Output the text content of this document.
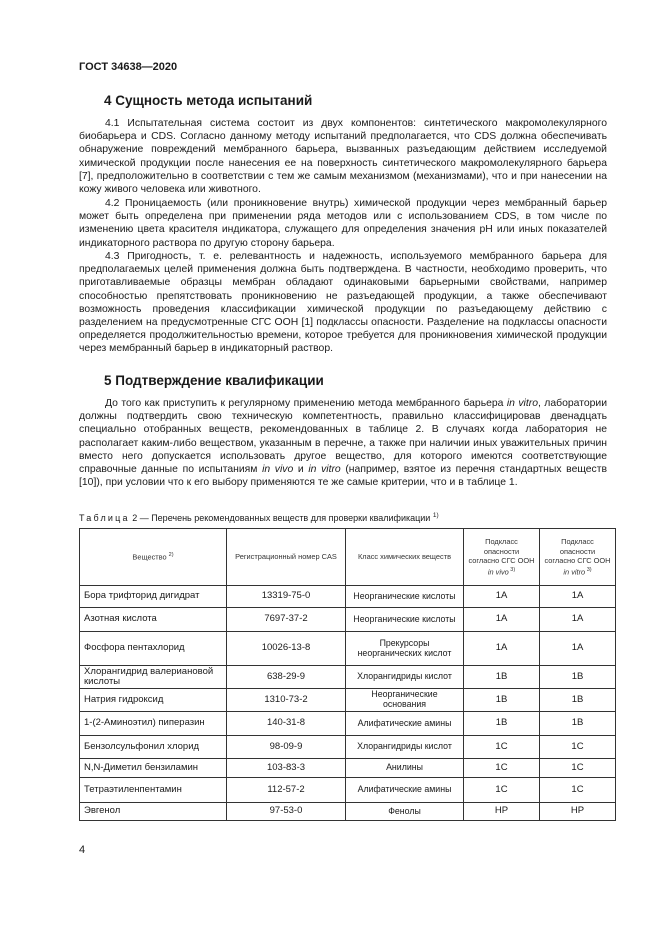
ГОСТ 34638—2020
4 Сущность метода испытаний

4.1 Испытательная система состоит из двух компонентов: синтетического макромолекулярного биобарьера и CDS. Согласно данному методу испытаний предполагается, что CDS должна обеспечивать обнаружение повреждений мембранного барьера, вызванных разъедающим действием исследуемой химической продукции после нанесения ее на поверхность синтетического макромолекулярного барьера [7], предположительно в соответствии с тем же самым механизмом (механизмами), что и при нанесении на кожу живого человека или животного.

4.2 Проницаемость (или проникновение внутрь) химической продукции через мембранный барьер может быть определена при применении ряда методов или с использованием CDS, в том числе по изменению цвета красителя индикатора, служащего для определения значения pH или иных показателей индикаторного раствора по другую сторону барьера.

4.3 Пригодность, т. е. релевантность и надежность, используемого мембранного барьера для предполагаемых целей применения должна быть подтверждена. В частности, необходимо проверить, что приготавливаемые образцы мембран обладают одинаковыми барьерными свойствами, например способностью препятствовать проникновению не разъедающей продукции, а также обеспечивают возможность проведения классификации химической продукции по разъедающему действию с разделением на предусмотренные СГС ООН [1] подклассы опасности. Разделение на подклассы опасности определяется продолжительностью времени, которое требуется для проникновения химической продукции через мембранный барьер в индикаторный раствор.

5 Подтверждение квалификации

До того как приступить к регулярному применению метода мембранного барьера in vitro, лаборатории должны подтвердить свою техническую компетентность, правильно классифицировав двенадцать специально отобранных веществ, рекомендованных в таблице 2. В случаях когда лаборатория не располагает каким-либо веществом, указанным в перечне, а также при наличии иных уважительных причин вместо него допускается использовать другое вещество, для которого имеются соответствующие справочные данные по испытаниям in vivo и in vitro (например, взятое из перечня стандартных веществ [10]), при условии что к его выбору применяются те же самые критерии, что и в таблице 1.

Таблица 2 — Перечень рекомендованных веществ для проверки квалификации $^{1)}$
Вещество $^{2)}$	Регистрационный номер CAS	Класс химических веществ	Подкласс опасности согласно СГС ООН in vivo $^{3)}$	Подкласс опасности согласно СГС ООН in vitro $^{3)}$
Бора трифторид дигидрат	13319-75-0	Неорганические кислоты	1A	1A
Азотная кислота	7697-37-2	Неорганические кислоты	1A	1A
Фосфора пентахлорид	10026-13-8	Прекурсоры неорганических кислот	1A	1A
Хлорангидрид валериановой кислоты	638-29-9	Хлорангидриды кислот	1B	1B
Натрия гидроксид	1310-73-2	Неорганические основания	1B	1B
1-(2-Аминоэтил) пиперазин	140-31-8	Алифатические амины	1B	1B
Бензолсульфонил хлорид	98-09-9	Хлорангидриды кислот	1C	1C
N,N-Диметил бензиламин	103-83-3	Анилины	1C	1C
Тетраэтиленпентамин	112-57-2	Алифатические амины	1C	1C
Эвгенол	97-53-0	Фенолы	НР	НР
4
